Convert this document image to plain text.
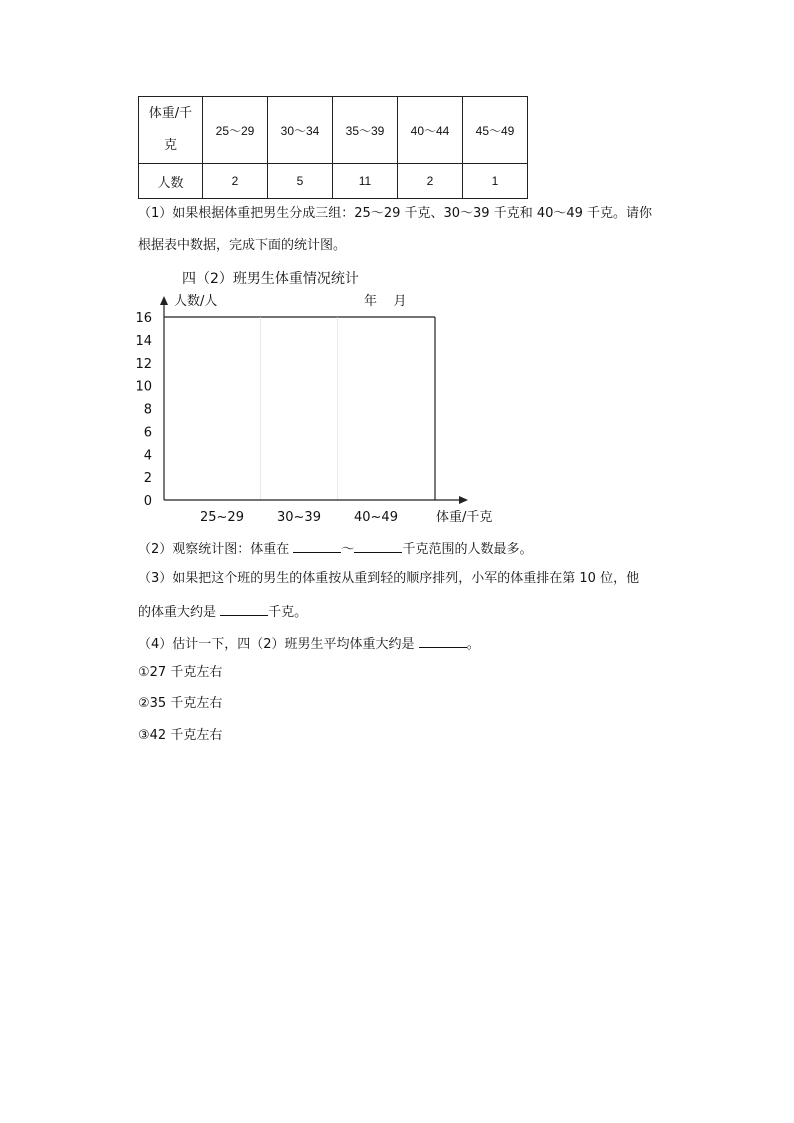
体重/千
克	25～29	30～34	35～39	40～44	45～49
人数	2	5	11	2	1
（1）如果根据体重把男生分成三组：25～29 千克、30～39 千克和 40～49 千克。请你
根据表中数据，完成下面的统计图。
四（2）班男生体重情况统计
人数/人	年    月
0
2
4
6
8
10
12
14
16
25~29	30~39	40~49	体重/千克
（2）观察统计图：体重在	～	千克范围的人数最多。
（3）如果把这个班的男生的体重按从重到轻的顺序排列，小军的体重排在第 10 位，他
的体重大约是	千克。
（4）估计一下，四（2）班男生平均体重大约是	。
①27 千克左右
②35 千克左右
③42 千克左右
